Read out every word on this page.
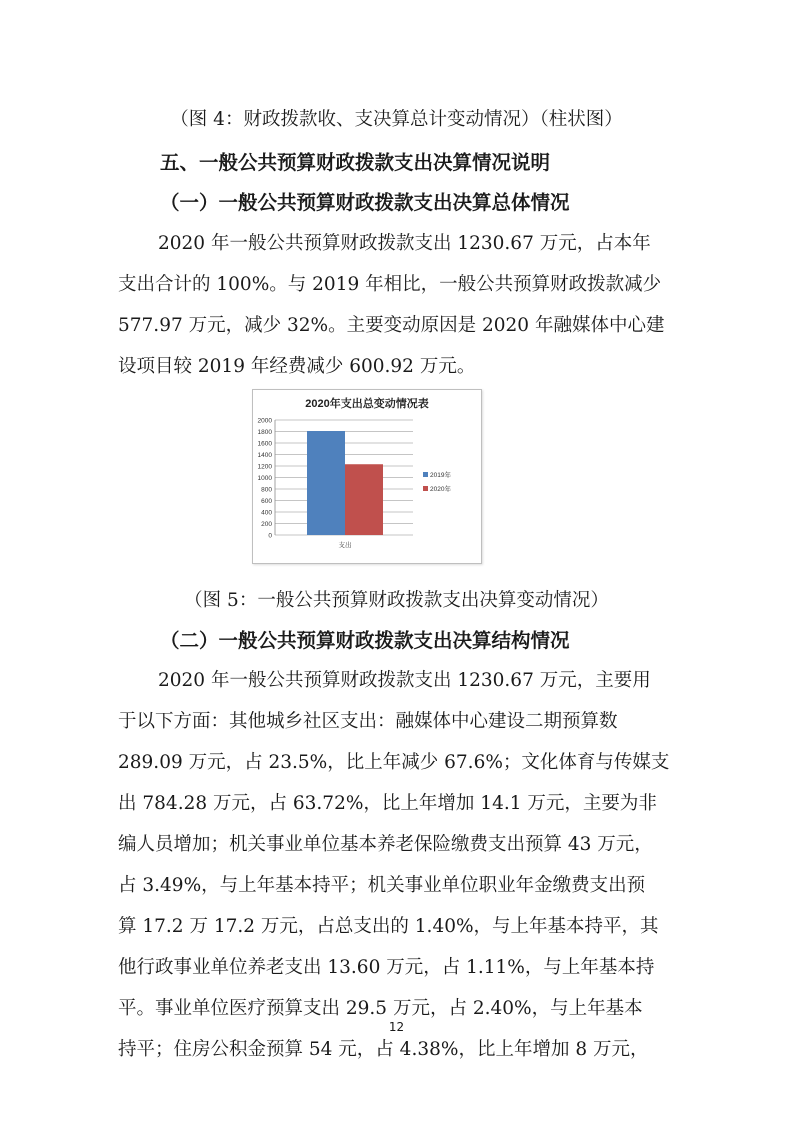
（图 4：财政拨款收、支决算总计变动情况）（柱状图）
五、一般公共预算财政拨款支出决算情况说明
（一）一般公共预算财政拨款支出决算总体情况
2020 年一般公共预算财政拨款支出 1230.67 万元，占本年
支出合计的 100%。与 2019 年相比，一般公共预算财政拨款减少
577.97 万元，减少 32%。主要变动原因是 2020 年融媒体中心建
设项目较 2019 年经费减少 600.92 万元。
2020年支出总变动情况表
0
200
400
600
800
1000
1200
1400
1600
1800
2000
支出
2019年
2020年
（图 5：一般公共预算财政拨款支出决算变动情况）
（二）一般公共预算财政拨款支出决算结构情况
2020 年一般公共预算财政拨款支出 1230.67 万元，主要用
于以下方面：其他城乡社区支出：融媒体中心建设二期预算数
289.09 万元，占 23.5%，比上年减少 67.6%；文化体育与传媒支
出 784.28 万元，占 63.72%，比上年增加 14.1 万元，主要为非
编人员增加；机关事业单位基本养老保险缴费支出预算 43 万元，
占 3.49%，与上年基本持平；机关事业单位职业年金缴费支出预
算 17.2 万 17.2 万元，占总支出的 1.40%，与上年基本持平，其
他行政事业单位养老支出 13.60 万元，占 1.11%，与上年基本持
平。事业单位医疗预算支出 29.5 万元，占 2.40%，与上年基本
持平；住房公积金预算 54 元，占 4.38%，比上年增加 8 万元，
12
